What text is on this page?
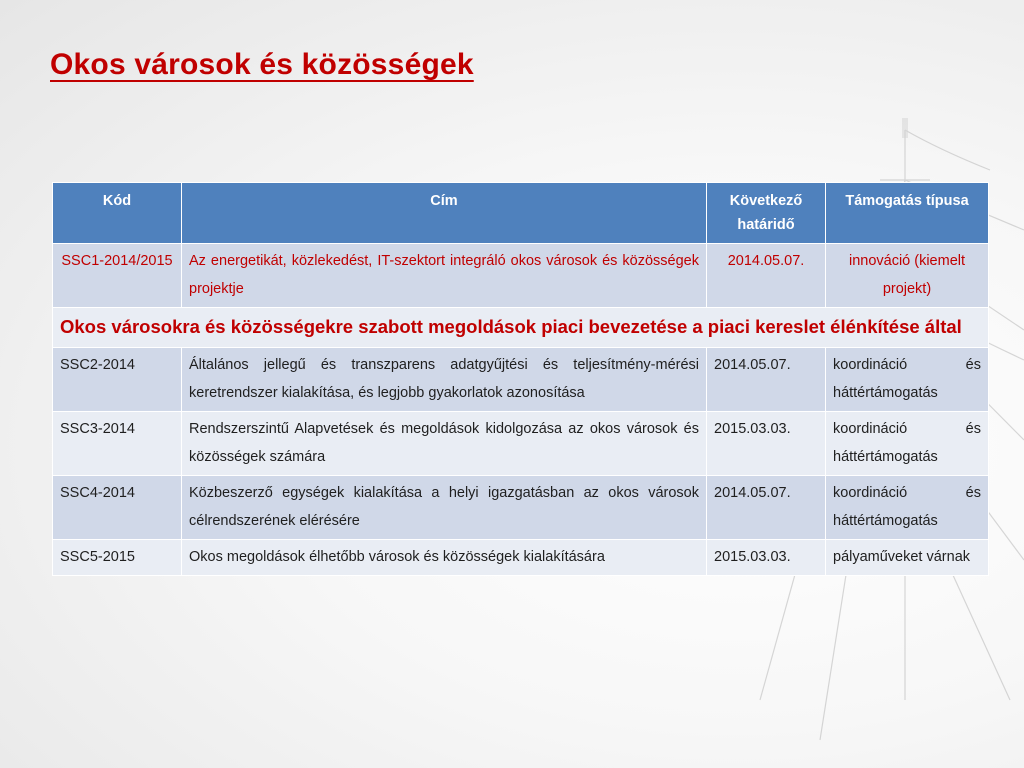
Okos városok és közösségek
Kód	Cím	Következő határidő	Támogatás típusa
SSC1-2014/2015	Az energetikát, közlekedést, IT-szektort integráló okos városok és közösségek projektje	2014.05.07.	innováció (kiemelt projekt)
Okos városokra és közösségekre szabott megoldások piaci bevezetése a piaci kereslet élénkítése által			
SSC2-2014	Általános jellegű és transzparens adatgyűjtési és teljesítmény-mérési keretrendszer kialakítása, és legjobb gyakorlatok azonosítása	2014.05.07.	koordináció és háttértámogatás
SSC3-2014	Rendszerszintű Alapvetések és megoldások kidolgozása az okos városok és közösségek számára	2015.03.03.	koordináció és háttértámogatás
SSC4-2014	Közbeszerző egységek kialakítása a helyi igazgatásban az okos városok célrendszerének elérésére	2014.05.07.	koordináció és háttértámogatás
SSC5-2015	Okos megoldások élhetőbb városok és közösségek kialakítására	2015.03.03.	pályaműveket várnak
